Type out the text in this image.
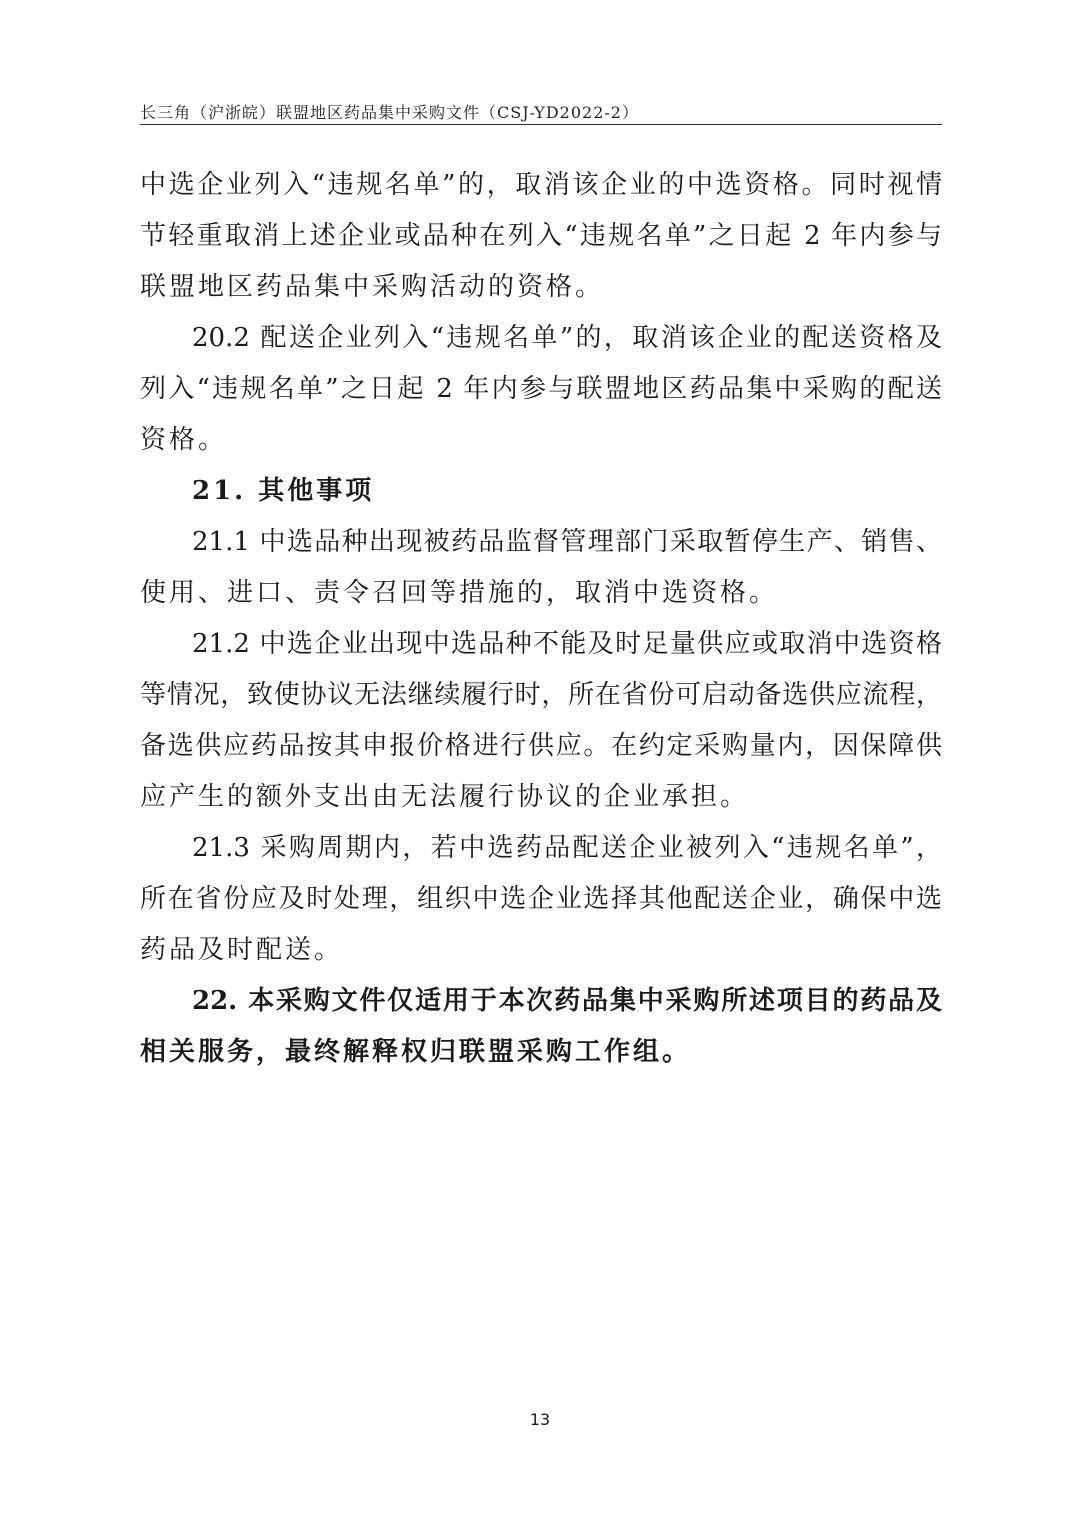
长三角（沪浙皖）联盟地区药品集中采购文件（CSJ-YD2022-2）
中选企业列入“违规名单”的，取消该企业的中选资格。同时视情
节轻重取消上述企业或品种在列入“违规名单”之日起 2 年内参与
联盟地区药品集中采购活动的资格。
20.2 配送企业列入“违规名单”的，取消该企业的配送资格及
列入“违规名单”之日起 2 年内参与联盟地区药品集中采购的配送
资格。
21. 其他事项
21.1 中选品种出现被药品监督管理部门采取暂停生产、销售、
使用、进口、责令召回等措施的，取消中选资格。
21.2 中选企业出现中选品种不能及时足量供应或取消中选资格
等情况，致使协议无法继续履行时，所在省份可启动备选供应流程，
备选供应药品按其申报价格进行供应。在约定采购量内，因保障供
应产生的额外支出由无法履行协议的企业承担。
21.3 采购周期内，若中选药品配送企业被列入“违规名单”，
所在省份应及时处理，组织中选企业选择其他配送企业，确保中选
药品及时配送。
22. 本采购文件仅适用于本次药品集中采购所述项目的药品及
相关服务，最终解释权归联盟采购工作组。
13
